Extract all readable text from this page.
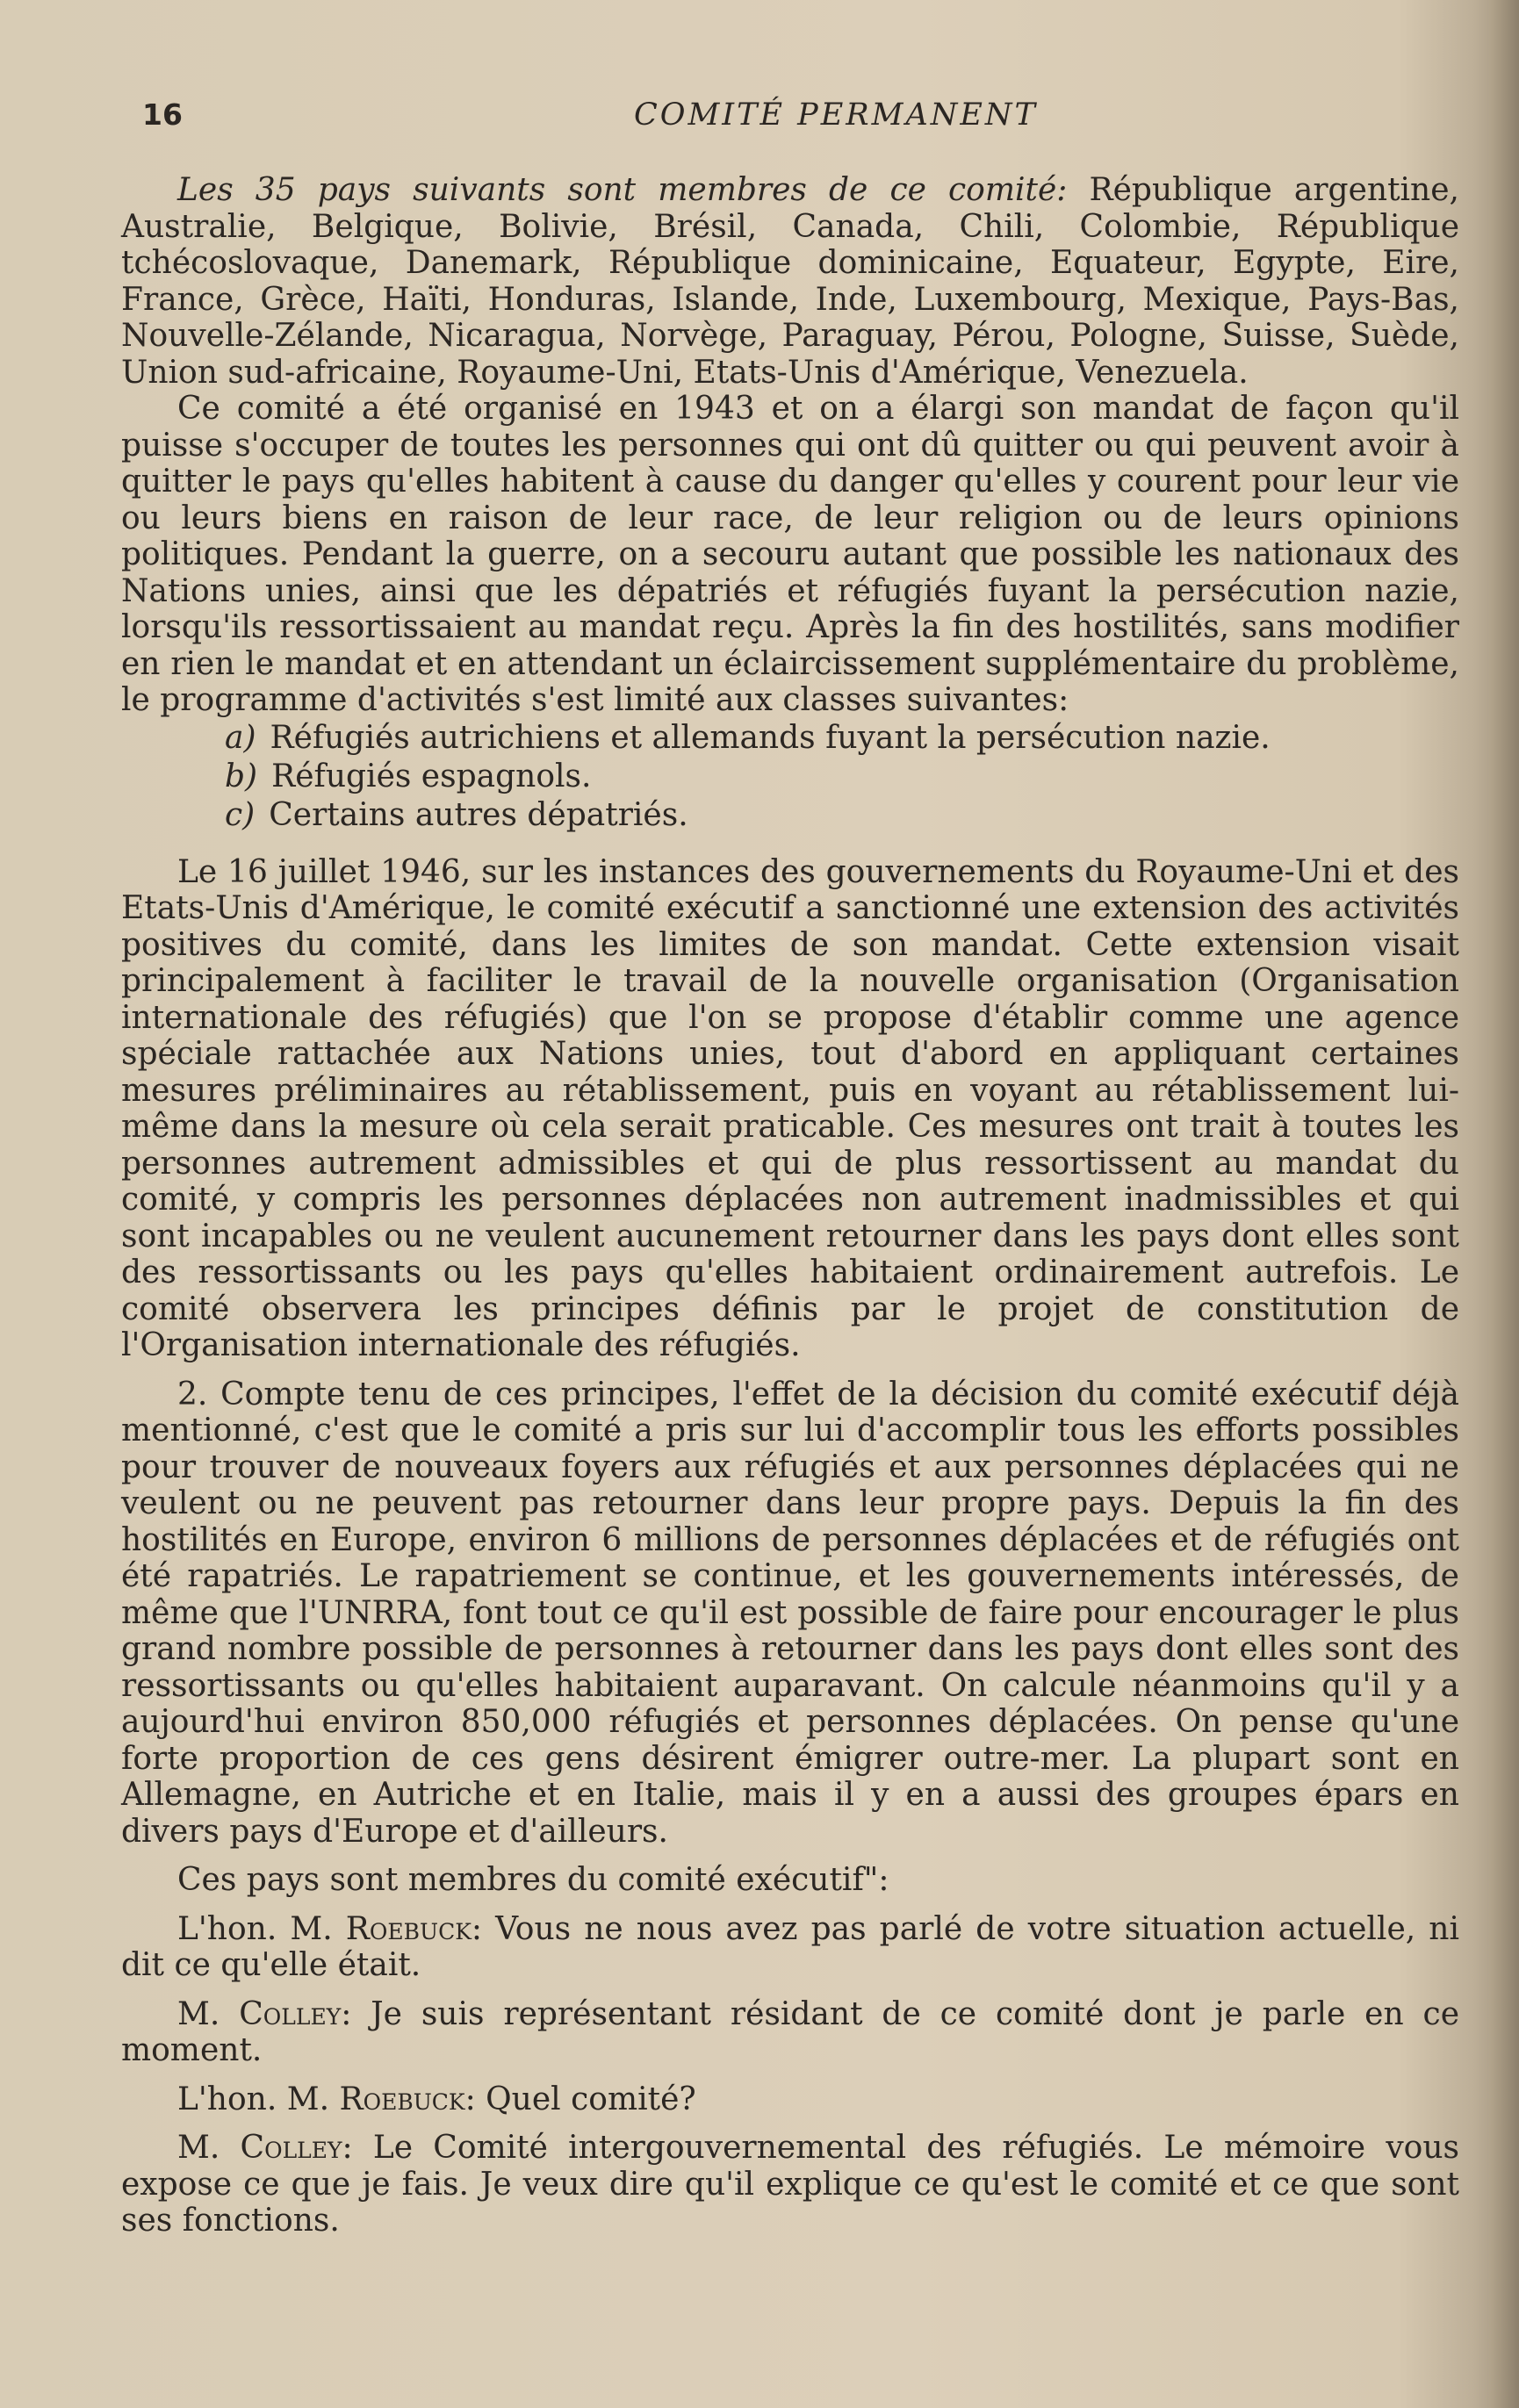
16	COMITÉ PERMANENT

Les 35 pays suivants sont membres de ce comité: République argentine, Australie, Belgique, Bolivie, Brésil, Canada, Chili, Colombie, République tchécoslovaque, Danemark, République dominicaine, Equateur, Egypte, Eire, France, Grèce, Haïti, Honduras, Islande, Inde, Luxembourg, Mexique, Pays-Bas, Nouvelle-Zélande, Nicaragua, Norvège, Paraguay, Pérou, Pologne, Suisse, Suède, Union sud-africaine, Royaume-Uni, Etats-Unis d'Amérique, Venezuela.

Ce comité a été organisé en 1943 et on a élargi son mandat de façon qu'il puisse s'occuper de toutes les personnes qui ont dû quitter ou qui peuvent avoir à quitter le pays qu'elles habitent à cause du danger qu'elles y courent pour leur vie ou leurs biens en raison de leur race, de leur religion ou de leurs opinions politiques. Pendant la guerre, on a secouru autant que possible les nationaux des Nations unies, ainsi que les dépatriés et réfugiés fuyant la persécution nazie, lorsqu'ils ressortissaient au mandat reçu. Après la fin des hostilités, sans modifier en rien le mandat et en attendant un éclaircissement supplémentaire du problème, le programme d'activités s'est limité aux classes suivantes:

a) Réfugiés autrichiens et allemands fuyant la persécution nazie.
b) Réfugiés espagnols.
c) Certains autres dépatriés.

Le 16 juillet 1946, sur les instances des gouvernements du Royaume-Uni et des Etats-Unis d'Amérique, le comité exécutif a sanctionné une extension des activités positives du comité, dans les limites de son mandat. Cette extension visait principalement à faciliter le travail de la nouvelle organisation (Organisation internationale des réfugiés) que l'on se propose d'établir comme une agence spéciale rattachée aux Nations unies, tout d'abord en appliquant certaines mesures préliminaires au rétablissement, puis en voyant au rétablissement lui-même dans la mesure où cela serait praticable. Ces mesures ont trait à toutes les personnes autrement admissibles et qui de plus ressortissent au mandat du comité, y compris les personnes déplacées non autrement inadmissibles et qui sont incapables ou ne veulent aucunement retourner dans les pays dont elles sont des ressortissants ou les pays qu'elles habitaient ordinairement autrefois. Le comité observera les principes définis par le projet de constitution de l'Organisation internationale des réfugiés.

2. Compte tenu de ces principes, l'effet de la décision du comité exécutif déjà mentionné, c'est que le comité a pris sur lui d'accomplir tous les efforts possibles pour trouver de nouveaux foyers aux réfugiés et aux personnes déplacées qui ne veulent ou ne peuvent pas retourner dans leur propre pays. Depuis la fin des hostilités en Europe, environ 6 millions de personnes déplacées et de réfugiés ont été rapatriés. Le rapatriement se continue, et les gouvernements intéressés, de même que l'UNRRA, font tout ce qu'il est possible de faire pour encourager le plus grand nombre possible de personnes à retourner dans les pays dont elles sont des ressortissants ou qu'elles habitaient auparavant. On calcule néanmoins qu'il y a aujourd'hui environ 850,000 réfugiés et personnes déplacées. On pense qu'une forte proportion de ces gens désirent émigrer outre-mer. La plupart sont en Allemagne, en Autriche et en Italie, mais il y en a aussi des groupes épars en divers pays d'Europe et d'ailleurs.

Ces pays sont membres du comité exécutif":

L'hon. M. Roebuck: Vous ne nous avez pas parlé de votre situation actuelle, ni dit ce qu'elle était.

M. Colley: Je suis représentant résidant de ce comité dont je parle en ce moment.

L'hon. M. Roebuck: Quel comité?

M. Colley: Le Comité intergouvernemental des réfugiés. Le mémoire vous expose ce que je fais. Je veux dire qu'il explique ce qu'est le comité et ce que sont ses fonctions.
